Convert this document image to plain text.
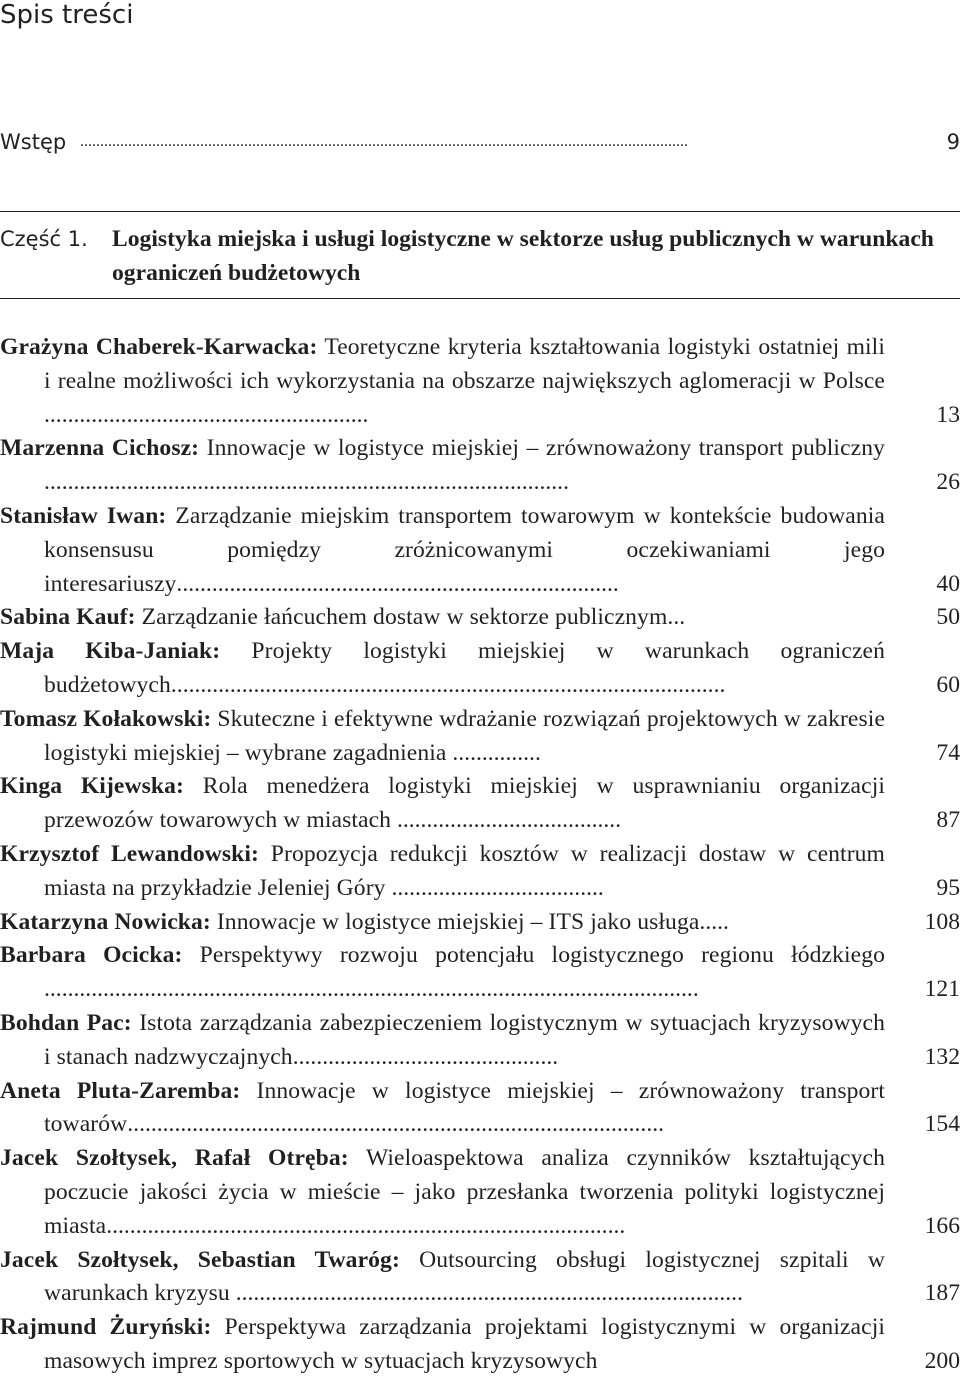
Spis treści
Wstęp ........................................................................................................................................................	9
Część 1. Logistyka miejska i usługi logistyczne w sektorze usług publicznych w warunkach ograniczeń budżetowych
Grażyna Chaberek-Karwacka: Teoretyczne kryteria kształtowania logistyki ostatniej mili i realne możliwości ich wykorzystania na obszarze największych aglomeracji w Polsce .......................................................	13
Marzenna Cichosz: Innowacje w logistyce miejskiej – zrównoważony transport publiczny .........................................................................................	26
Stanisław Iwan: Zarządzanie miejskim transportem towarowym w kontekście budowania konsensusu pomiędzy zróżnicowanymi oczekiwaniami jego interesariuszy...........................................................................	40
Sabina Kauf: Zarządzanie łańcuchem dostaw w sektorze publicznym...	50
Maja Kiba-Janiak: Projekty logistyki miejskiej w warunkach ograniczeń budżetowych..............................................................................................	60
Tomasz Kołakowski: Skuteczne i efektywne wdrażanie rozwiązań projektowych w zakresie logistyki miejskiej – wybrane zagadnienia ...............	74
Kinga Kijewska: Rola menedżera logistyki miejskiej w usprawnianiu organizacji przewozów towarowych w miastach ......................................	87
Krzysztof Lewandowski: Propozycja redukcji kosztów w realizacji dostaw w centrum miasta na przykładzie Jeleniej Góry ....................................	95
Katarzyna Nowicka: Innowacje w logistyce miejskiej – ITS jako usługa.....	108
Barbara Ocicka: Perspektywy rozwoju potencjału logistycznego regionu łódzkiego ...............................................................................................................	121
Bohdan Pac: Istota zarządzania zabezpieczeniem logistycznym w sytuacjach kryzysowych i stanach nadzwyczajnych.............................................	132
Aneta Pluta-Zaremba: Innowacje w logistyce miejskiej – zrównoważony transport towarów...........................................................................................	154
Jacek Szołtysek, Rafał Otręba: Wieloaspektowa analiza czynników kształtujących poczucie jakości życia w mieście – jako przesłanka tworzenia polityki logistycznej miasta........................................................................................	166
Jacek Szołtysek, Sebastian Twaróg: Outsourcing obsługi logistycznej szpitali w warunkach kryzysu ......................................................................................	187
Rajmund Żuryński: Perspektywa zarządzania projektami logistycznymi w organizacji masowych imprez sportowych w sytuacjach kryzysowych	200
